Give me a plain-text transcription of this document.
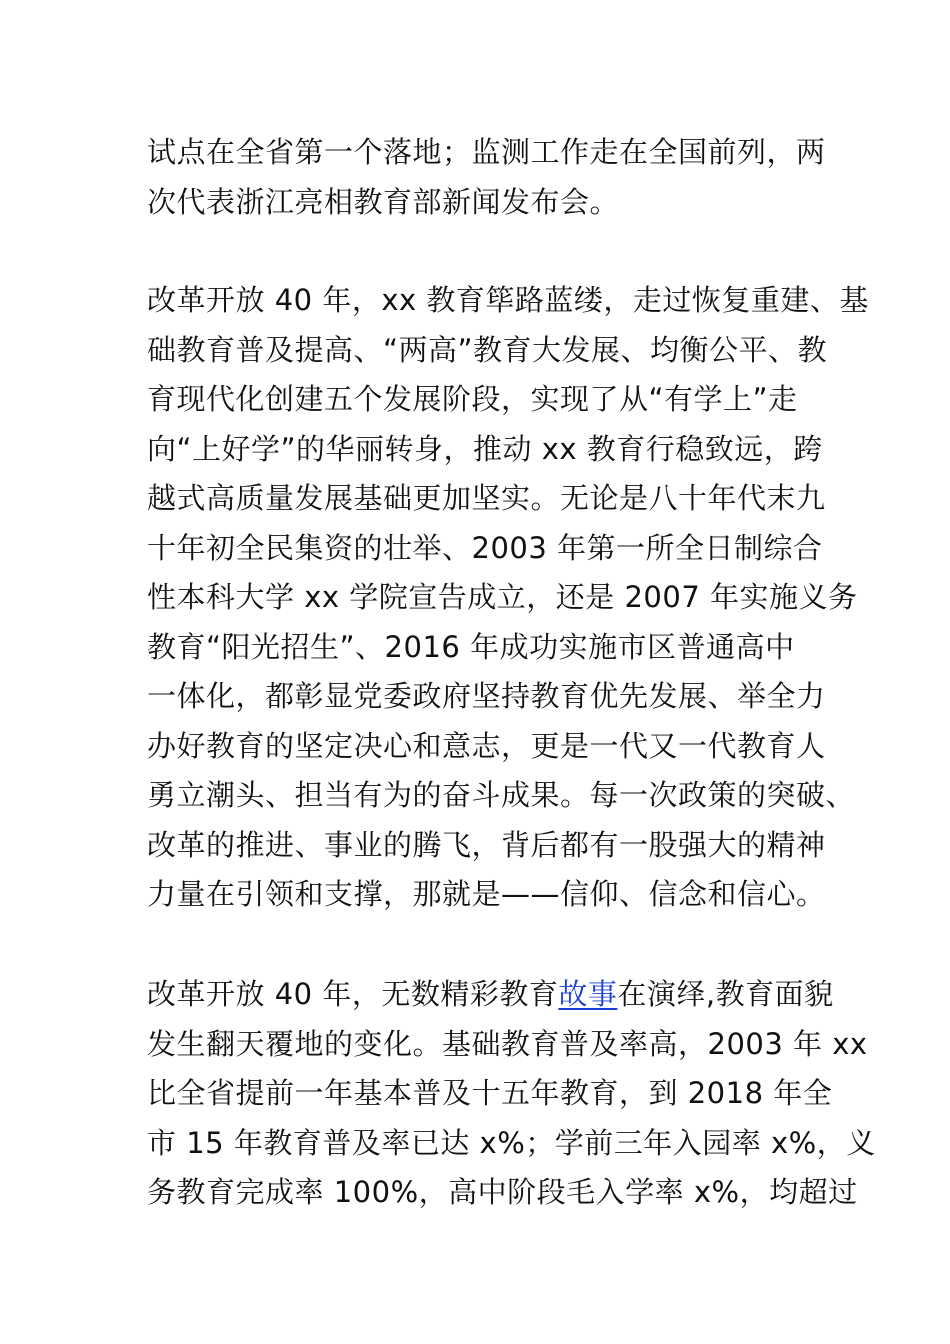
试点在全省第一个落地；监测工作走在全国前列，两
次代表浙江亮相教育部新闻发布会。
改革开放 40 年，xx 教育筚路蓝缕，走过恢复重建、基
础教育普及提高、“两高”教育大发展、均衡公平、教
育现代化创建五个发展阶段，实现了从“有学上”走
向“上好学”的华丽转身，推动 xx 教育行稳致远，跨
越式高质量发展基础更加坚实。无论是八十年代末九
十年初全民集资的壮举、2003 年第一所全日制综合
性本科大学 xx 学院宣告成立，还是 2007 年实施义务
教育“阳光招生”、2016 年成功实施市区普通高中
一体化，都彰显党委政府坚持教育优先发展、举全力
办好教育的坚定决心和意志，更是一代又一代教育人
勇立潮头、担当有为的奋斗成果。每一次政策的突破、
改革的推进、事业的腾飞，背后都有一股强大的精神
力量在引领和支撑，那就是——信仰、信念和信心。
改革开放 40 年，无数精彩教育故事在演绎,教育面貌
发生翻天覆地的变化。基础教育普及率高，2003 年 xx
比全省提前一年基本普及十五年教育，到 2018 年全
市 15 年教育普及率已达 x%；学前三年入园率 x%，义
务教育完成率 100%，高中阶段毛入学率 x%，均超过
